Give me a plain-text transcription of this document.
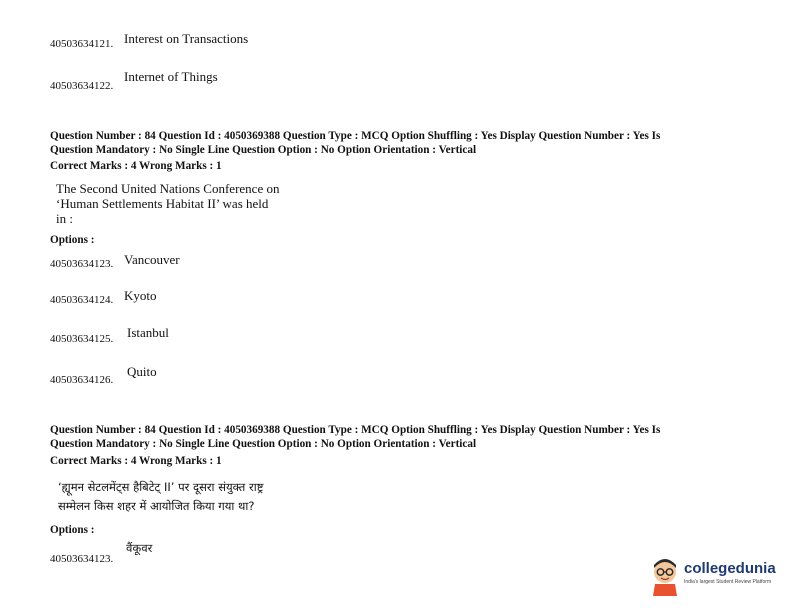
40503634121. Interest on Transactions
40503634122.
Internet of Things
Question Number : 84 Question Id : 4050369388 Question Type : MCQ Option Shuffling : Yes Display Question Number : Yes Is
Question Mandatory : No Single Line Question Option : No Option Orientation : Vertical
Correct Marks : 4 Wrong Marks : 1
The Second United Nations Conference on
‘Human Settlements Habitat II’ was held
in :
Options :
40503634123. Vancouver
40503634124. Kyoto
40503634125. Istanbul
40503634126.
Quito
Question Number : 84 Question Id : 4050369388 Question Type : MCQ Option Shuffling : Yes Display Question Number : Yes Is
Question Mandatory : No Single Line Question Option : No Option Orientation : Vertical
Correct Marks : 4 Wrong Marks : 1
‘ह्यूमन सेटलमेंट्स हैबिटेट् II’ पर दूसरा संयुक्त राष्ट्र
सम्मेलन किस शहर में आयोजित किया गया था?
Options :
40503634123.
वैंकूवर
collegedunia
India's largest Student Review Platform
